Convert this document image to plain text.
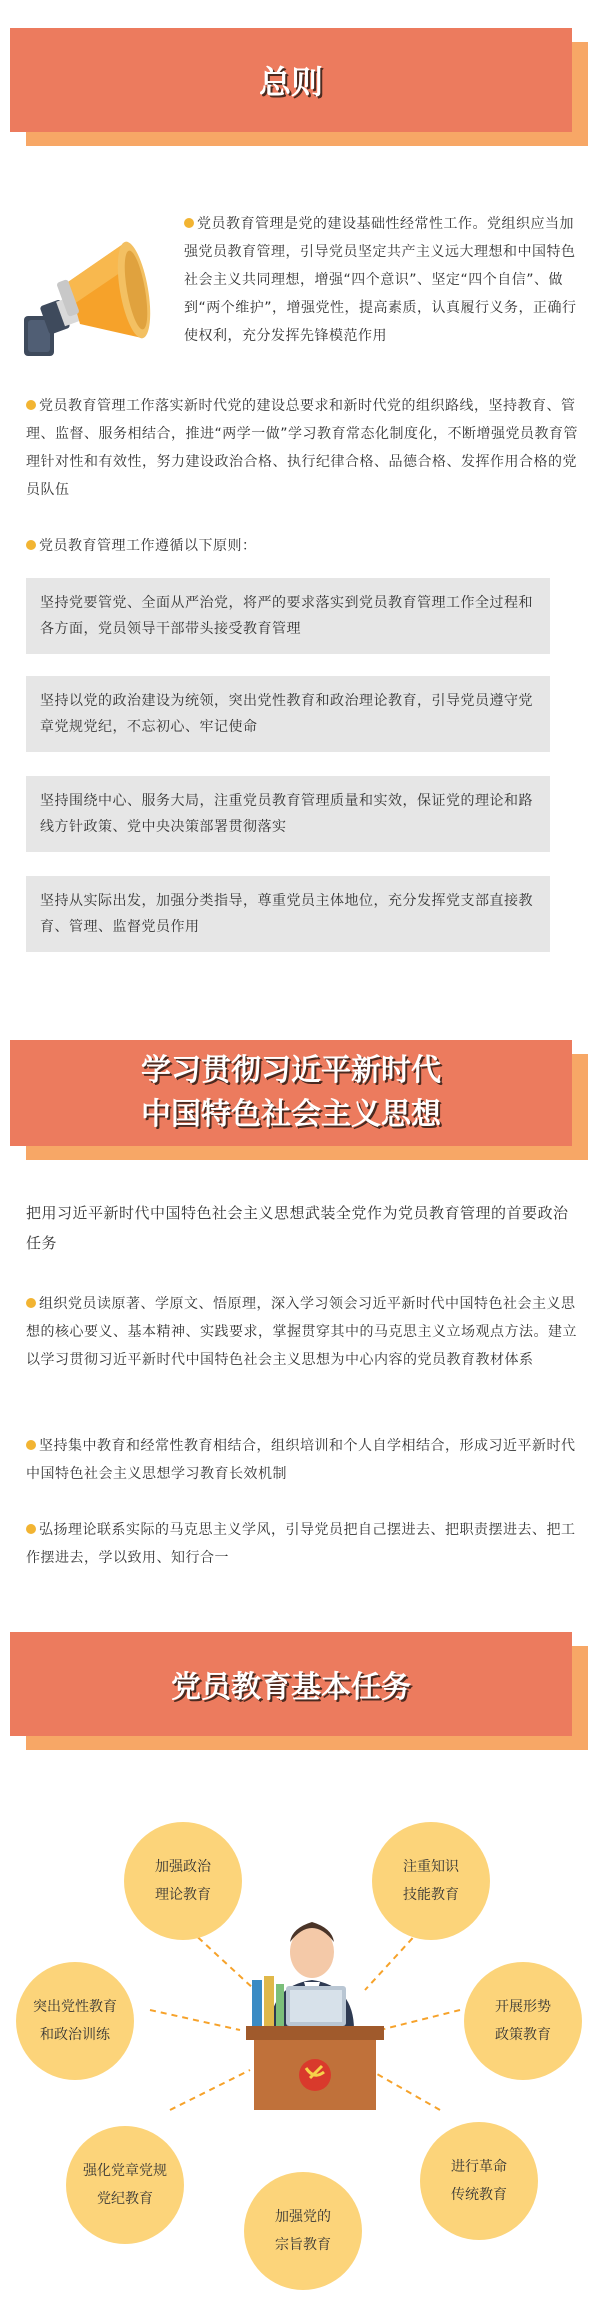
总则
党员教育管理是党的建设基础性经常性工作。党组织应当加强党员教育管理，引导党员坚定共产主义远大理想和中国特色社会主义共同理想，增强“四个意识”、坚定“四个自信”、做到“两个维护”，增强党性，提高素质，认真履行义务，正确行使权利，充分发挥先锋模范作用
党员教育管理工作落实新时代党的建设总要求和新时代党的组织路线，坚持教育、管理、监督、服务相结合，推进“两学一做”学习教育常态化制度化，不断增强党员教育管理针对性和有效性，努力建设政治合格、执行纪律合格、品德合格、发挥作用合格的党员队伍
党员教育管理工作遵循以下原则：
坚持党要管党、全面从严治党，将严的要求落实到党员教育管理工作全过程和各方面，党员领导干部带头接受教育管理
坚持以党的政治建设为统领，突出党性教育和政治理论教育，引导党员遵守党章党规党纪，不忘初心、牢记使命
坚持围绕中心、服务大局，注重党员教育管理质量和实效，保证党的理论和路线方针政策、党中央决策部署贯彻落实
坚持从实际出发，加强分类指导，尊重党员主体地位，充分发挥党支部直接教育、管理、监督党员作用
学习贯彻习近平新时代
中国特色社会主义思想
把用习近平新时代中国特色社会主义思想武装全党作为党员教育管理的首要政治任务
组织党员读原著、学原文、悟原理，深入学习领会习近平新时代中国特色社会主义思想的核心要义、基本精神、实践要求，掌握贯穿其中的马克思主义立场观点方法。建立以学习贯彻习近平新时代中国特色社会主义思想为中心内容的党员教育教材体系
坚持集中教育和经常性教育相结合，组织培训和个人自学相结合，形成习近平新时代中国特色社会主义思想学习教育长效机制
弘扬理论联系实际的马克思主义学风，引导党员把自己摆进去、把职责摆进去、把工作摆进去，学以致用、知行合一
党员教育基本任务
加强政治
理论教育
注重知识
技能教育
突出党性教育
和政治训练
开展形势
政策教育
强化党章党规
党纪教育
加强党的
宗旨教育
进行革命
传统教育
